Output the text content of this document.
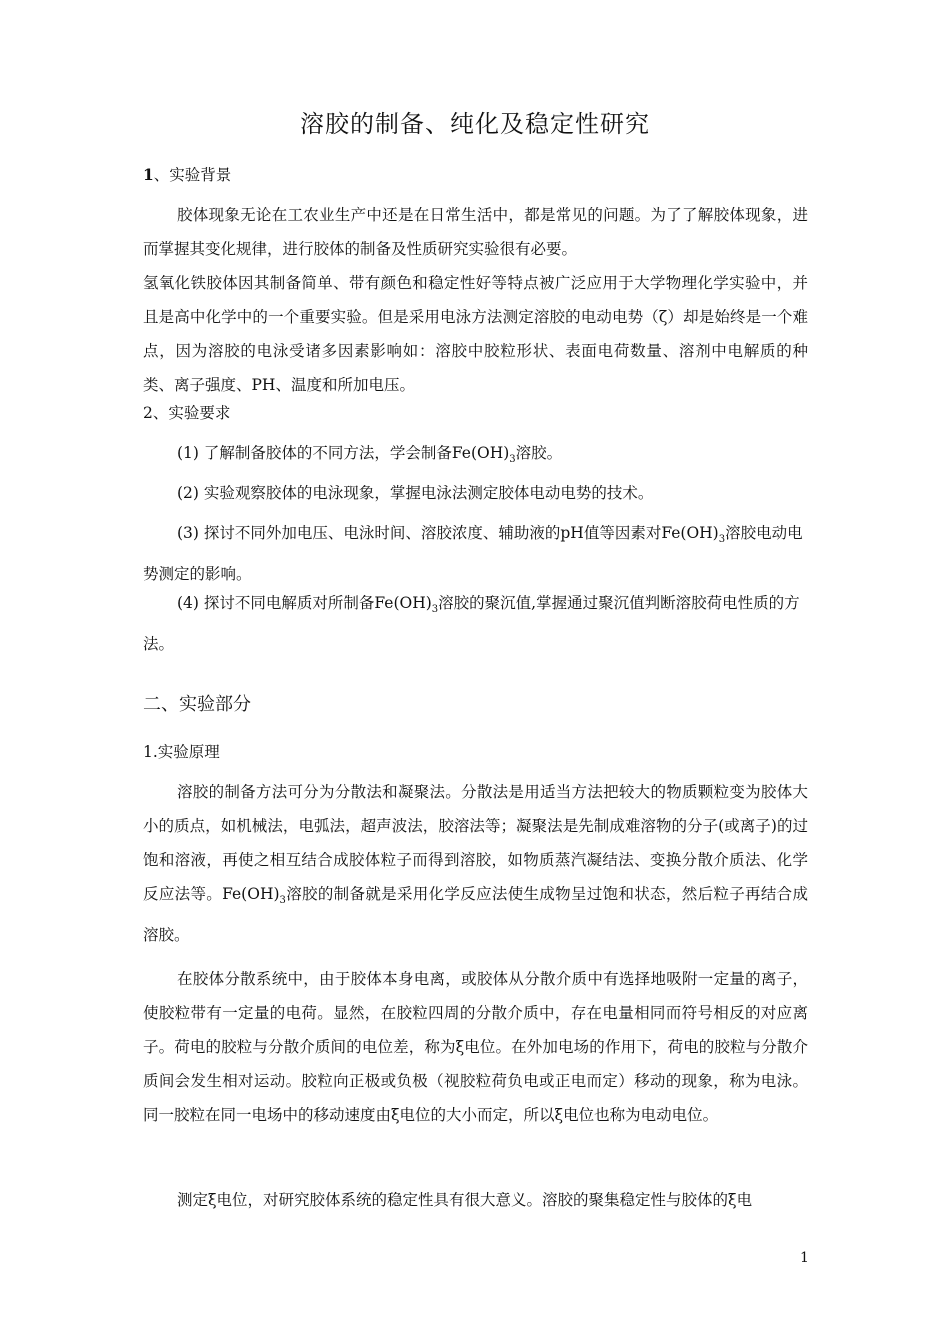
溶胶的制备、纯化及稳定性研究
1、实验背景
胶体现象无论在工农业生产中还是在日常生活中，都是常见的问题。为了了解胶体现象，进而掌握其变化规律，进行胶体的制备及性质研究实验很有必要。
氢氧化铁胶体因其制备简单、带有颜色和稳定性好等特点被广泛应用于大学物理化学实验中，并且是高中化学中的一个重要实验。但是采用电泳方法测定溶胶的电动电势（ζ）却是始终是一个难点，因为溶胶的电泳受诸多因素影响如：溶胶中胶粒形状、表面电荷数量、溶剂中电解质的种类、离子强度、PH、温度和所加电压。
2、实验要求
(1) 了解制备胶体的不同方法，学会制备$Fe(OH)_3$溶胶。
(2) 实验观察胶体的电泳现象，掌握电泳法测定胶体电动电势的技术。
(3) 探讨不同外加电压、电泳时间、溶胶浓度、辅助液的pH值等因素对$Fe(OH)_3$溶胶电动电势测定的影响。
(4) 探讨不同电解质对所制备$Fe(OH)_3$溶胶的聚沉值,掌握通过聚沉值判断溶胶荷电性质的方法。
二、实验部分
1.实验原理
溶胶的制备方法可分为分散法和凝聚法。分散法是用适当方法把较大的物质颗粒变为胶体大小的质点，如机械法，电弧法，超声波法，胶溶法等；凝聚法是先制成难溶物的分子(或离子)的过饱和溶液，再使之相互结合成胶体粒子而得到溶胶，如物质蒸汽凝结法、变换分散介质法、化学反应法等。$Fe(OH)_3$溶胶的制备就是采用化学反应法使生成物呈过饱和状态，然后粒子再结合成溶胶。
在胶体分散系统中，由于胶体本身电离，或胶体从分散介质中有选择地吸附一定量的离子，使胶粒带有一定量的电荷。显然，在胶粒四周的分散介质中，存在电量相同而符号相反的对应离子。荷电的胶粒与分散介质间的电位差，称为ξ电位。在外加电场的作用下，荷电的胶粒与分散介质间会发生相对运动。胶粒向正极或负极（视胶粒荷负电或正电而定）移动的现象，称为电泳。同一胶粒在同一电场中的移动速度由ξ电位的大小而定，所以ξ电位也称为电动电位。
测定ξ电位，对研究胶体系统的稳定性具有很大意义。溶胶的聚集稳定性与胶体的ξ电
1
